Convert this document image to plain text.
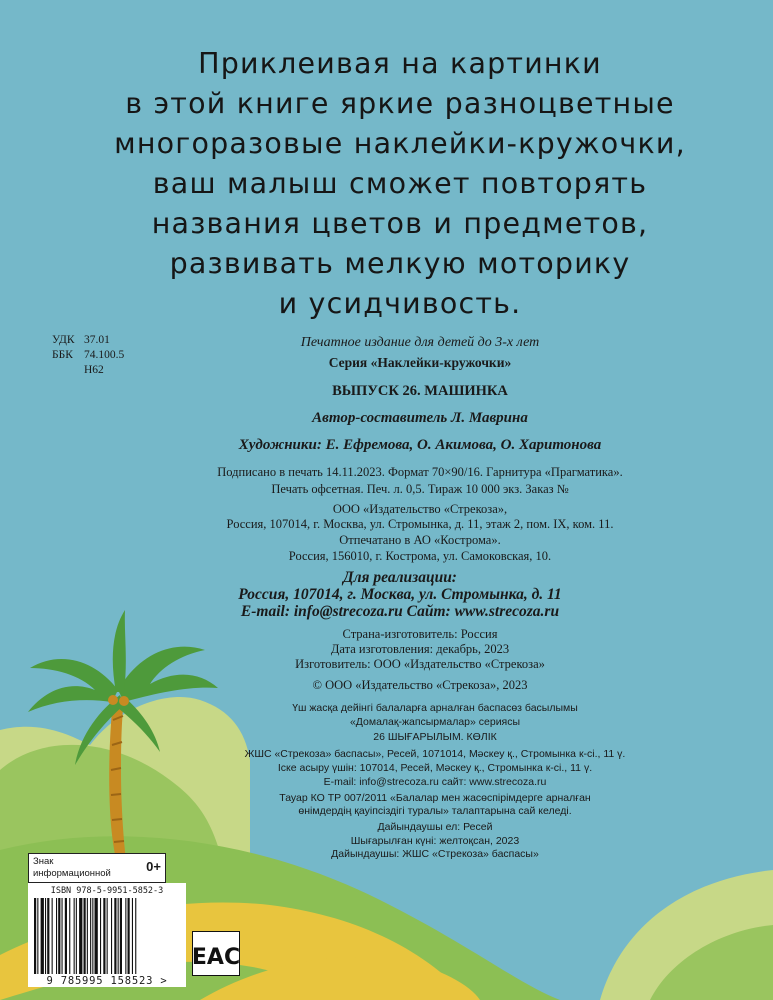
Приклеивая на картинки
в этой книге яркие разноцветные
многоразовые наклейки-кружочки,
ваш малыш сможет повторять
названия цветов и предметов,
развивать мелкую моторику
и усидчивость.
УДК 37.01
ББК 74.100.5
Н62
Печатное издание для детей до 3-х лет
Серия «Наклейки-кружочки»
ВЫПУСК 26. МАШИНКА
Автор-составитель Л. Маврина
Художники: Е. Ефремова, О. Акимова, О. Харитонова
Подписано в печать 14.11.2023. Формат 70×90/16. Гарнитура «Прагматика».
Печать офсетная. Печ. л. 0,5. Тираж 10 000 экз. Заказ №
ООО «Издательство «Стрекоза»,
Россия, 107014, г. Москва, ул. Стромынка, д. 11, этаж 2, пом. IX, ком. 11.
Отпечатано в АО «Кострома».
Россия, 156010, г. Кострома, ул. Самоковская, 10.
Для реализации:
Россия, 107014, г. Москва, ул. Стромынка, д. 11
E-mail: info@strecoza.ru Сайт: www.strecoza.ru
Страна-изготовитель: Россия
Дата изготовления: декабрь, 2023
Изготовитель: ООО «Издательство «Стрекоза»
© ООО «Издательство «Стрекоза», 2023
Үш жасқа дейінгі балаларға арналған баспасөз басылымы
«Домалақ-жапсырмалар» сериясы
26 ШЫҒАРЫЛЫМ. КӨЛІК
ЖШС «Стрекоза» баспасы», Ресей, 1071014, Мәскеу қ., Стромынка к-сі., 11 ү.
Іске асыру үшін: 107014, Ресей, Мәскеу қ., Стромынка к-сі., 11 ү.
E-mail: info@strecoza.ru сайт: www.strecoza.ru
Тауар КО ТР 007/2011 «Балалар мен жасөспірімдерге арналған
өнімдердің қауіпсіздігі туралы» талаптарына сай келеді.
Дайындаушы ел: Ресей
Шығарылған күні: желтоқсан, 2023
Дайындаушы: ЖШС «Стрекоза» баспасы»
Знак информационной	0+
ISBN 978-5-9951-5852-3
9 785995 158523 >
EAC
